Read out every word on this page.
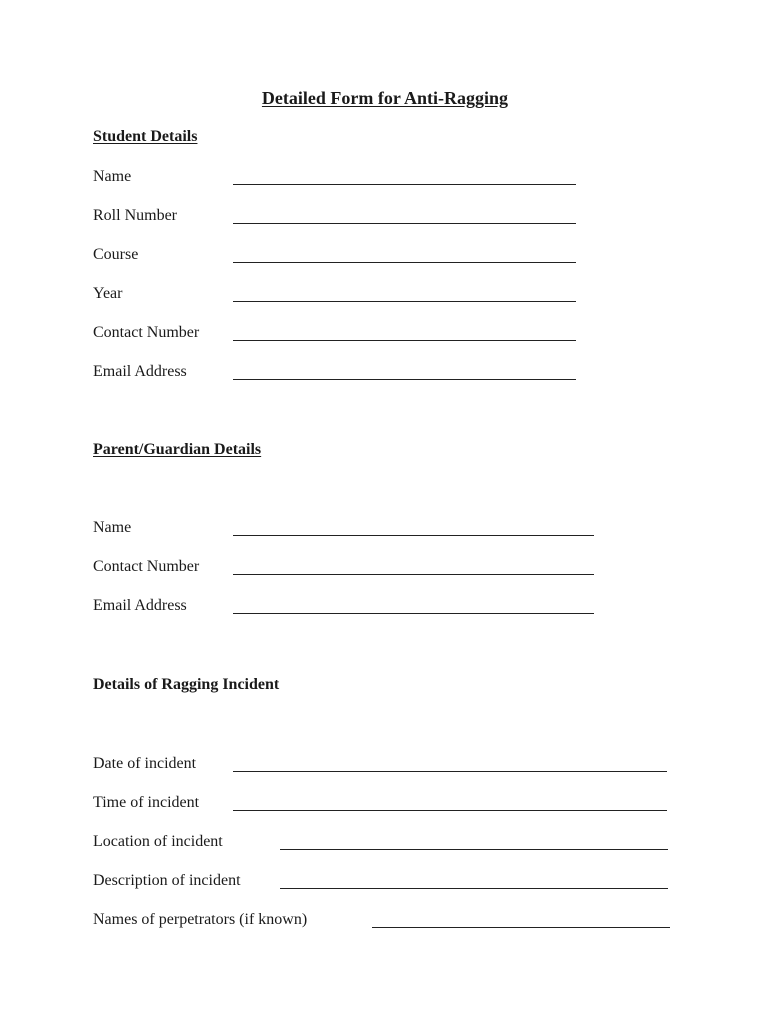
Detailed Form for Anti-Ragging
Student Details
Name
Roll Number
Course
Year
Contact Number
Email Address
Parent/Guardian Details
Name
Contact Number
Email Address
Details of Ragging Incident
Date of incident
Time of incident
Location of incident
Description of incident
Names of perpetrators (if known)
